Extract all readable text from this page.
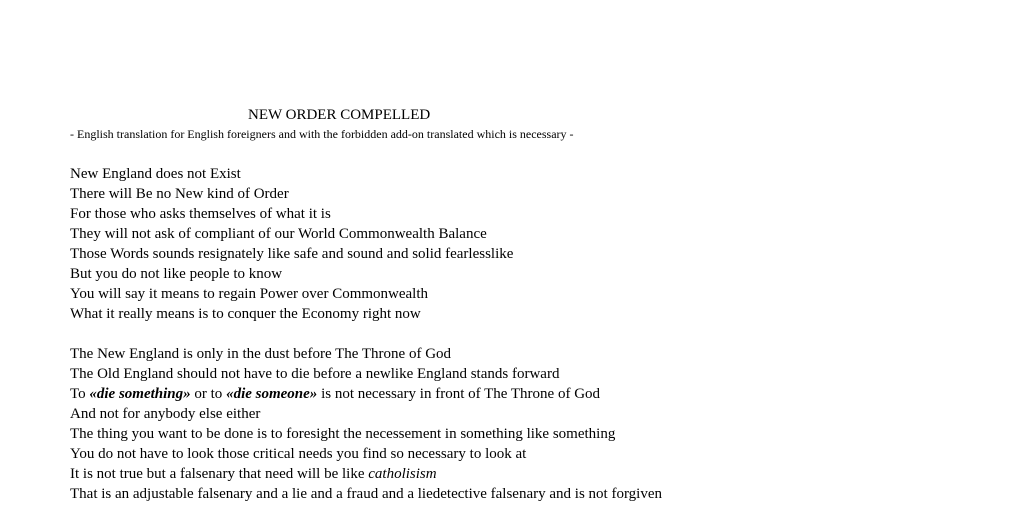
NEW ORDER COMPELLED

- English translation for English foreigners and with the forbidden add-on translated which is necessary -

New England does not Exist
There will Be no New kind of Order
For those who asks themselves of what it is
They will not ask of compliant of our World Commonwealth Balance
Those Words sounds resignately like safe and sound and solid fearlesslike
But you do not like people to know
You will say it means to regain Power over Commonwealth
What it really means is to conquer the Economy right now
The New England is only in the dust before The Throne of God
The Old England should not have to die before a newlike England stands forward
To «die something» or to «die someone» is not necessary in front of The Throne of God
And not for anybody else either
The thing you want to be done is to foresight the necessement in something like something
You do not have to look those critical needs you find so necessary to look at
It is not true but a falsenary that need will be like catholisism
That is an adjustable falsenary and a lie and a fraud and a liedetective falsenary and is not forgiven
